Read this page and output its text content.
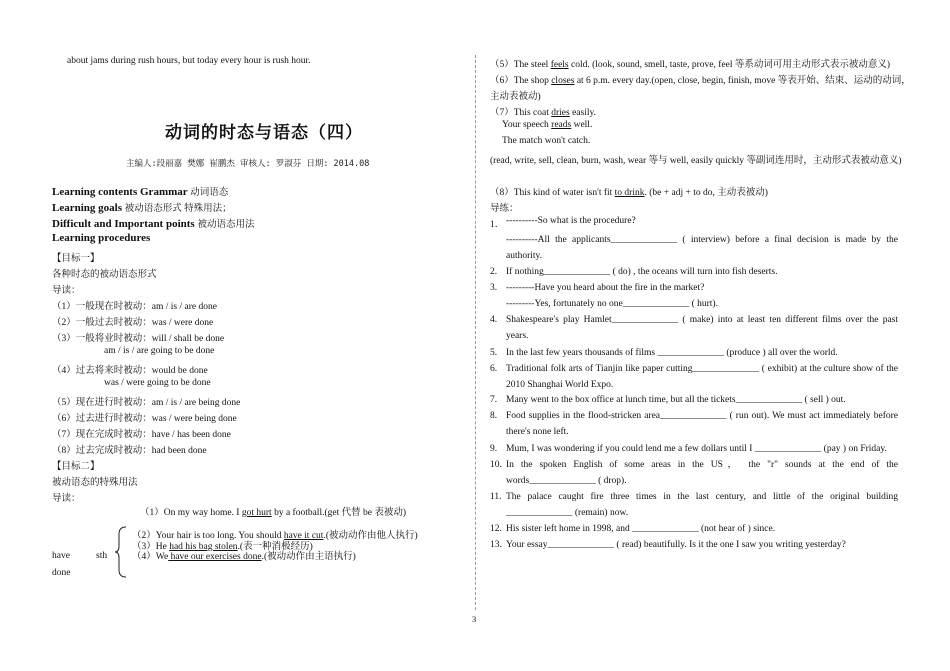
about jams during rush hours, but today every hour is rush hour.
动词的时态与语态（四）
主编人:段丽嘉 樊娜 崔鹏杰 审核人: 罗淑芬 日期: 2014.08
Learning contents Grammar 动词语态
Learning goals 被动语态形式 特殊用法；
Difficult and Important points 被动语态用法
Learning procedures
【目标一】
各种时态的被动语态形式
导读：
（1）一般现在时被动：am / is / are done
（2）一般过去时被动：was / were done
（3）一般将业时被动：will / shall be done
am / is / are going to be done
（4）过去将来时被动：would be done
was / were going to be done
（5）现在进行时被动：am / is / are being done
（6）过去进行时被动：was / were being done
（7）现在完成时被动：have / has been done
（8）过去完成时被动：had been done
【目标二】
被动语态的特殊用法
导读：
（1）On my way home. I got hurt by a football.(get 代替 be 表被动)
（2）Your hair is too long. You should have it cut.(被动动作由他人执行)
（3）He had his bag stolen.(表一种消极经历)
（4）We have our exercises done.(被动动作由主语执行)
have	sth
done
（5）The steel feels cold. (look, sound, smell, taste, prove, feel 等系动词可用主动形式表示被动意义)
（6）The shop closes at 6 p.m. every day.(open, close, begin, finish, move 等表开始、结束、运动的动词，
主动表被动)
（7）This coat dries easily.
Your speech reads well.
The match won't catch.
(read, write, sell, clean, burn, wash, wear 等与 well, easily quickly 等副词连用时，主动形式表被动意义)
（8）This kind of water isn't fit to drink. (be + adj + to do, 主动表被动)
导练：
1． ----------So what is the procedure?
----------All the applicants______________ ( interview) before a final decision is made by the authority.
2. If nothing______________ ( do) , the oceans will turn into fish deserts.
3. ---------Have you heard about the fire in the market?
---------Yes, fortunately no one______________ ( hurt).
4. Shakespeare's play Hamlet______________ ( make) into at least ten different films over the past years.
5. In the last few years thousands of films ______________ (produce ) all over the world.
6. Traditional folk arts of Tianjin like paper cutting______________ ( exhibit) at the culture show of the 2010 Shanghai World Expo.
7. Many went to the box office at lunch time, but all the tickets______________ ( sell ) out.
8. Food supplies in the flood-stricken area______________ ( run out). We must act immediately before there's none left.
9. Mum, I was wondering if you could lend me a few dollars until I ______________ (pay ) on Friday.
10. In the spoken English of some areas in the US， the "r" sounds at the end of the words______________ ( drop).
11. The palace caught fire three times in the last century, and little of the original building ______________ (remain) now.
12. His sister left home in 1998, and ______________ (not hear of ) since.
13. Your essay______________ ( read) beautifully. Is it the one I saw you writing yesterday?
3
